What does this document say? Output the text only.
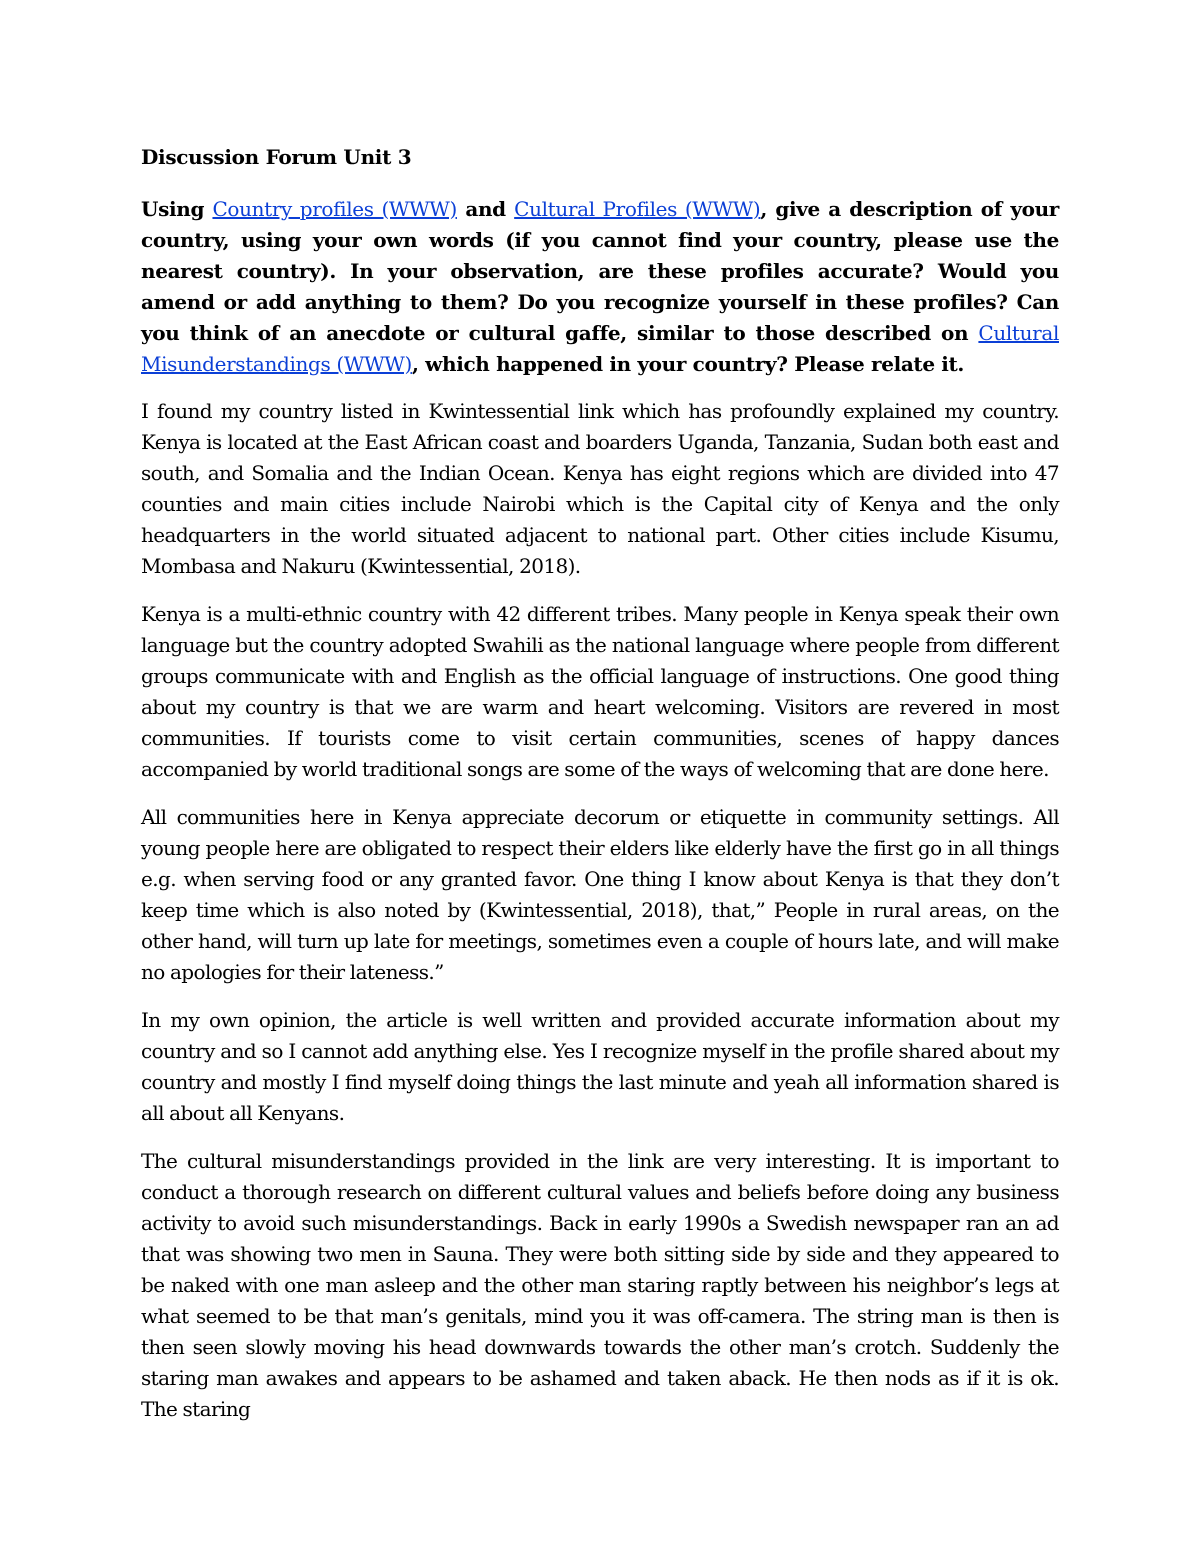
Discussion Forum Unit 3

Using Country profiles (WWW) and Cultural Profiles (WWW), give a description of your country, using your own words (if you cannot find your country, please use the nearest country). In your observation, are these profiles accurate? Would you amend or add anything to them? Do you recognize yourself in these profiles? Can you think of an anecdote or cultural gaffe, similar to those described on Cultural Misunderstandings (WWW), which happened in your country? Please relate it.

I found my country listed in Kwintessential link which has profoundly explained my country. Kenya is located at the East African coast and boarders Uganda, Tanzania, Sudan both east and south, and Somalia and the Indian Ocean. Kenya has eight regions which are divided into 47 counties and main cities include Nairobi which is the Capital city of Kenya and the only headquarters in the world situated adjacent to national part. Other cities include Kisumu, Mombasa and Nakuru (Kwintessential, 2018).

Kenya is a multi-ethnic country with 42 different tribes. Many people in Kenya speak their own language but the country adopted Swahili as the national language where people from different groups communicate with and English as the official language of instructions. One good thing about my country is that we are warm and heart welcoming. Visitors are revered in most communities. If tourists come to visit certain communities, scenes of happy dances accompanied by world traditional songs are some of the ways of welcoming that are done here.

All communities here in Kenya appreciate decorum or etiquette in community settings. All young people here are obligated to respect their elders like elderly have the first go in all things e.g. when serving food or any granted favor. One thing I know about Kenya is that they don’t keep time which is also noted by (Kwintessential, 2018), that,” People in rural areas, on the other hand, will turn up late for meetings, sometimes even a couple of hours late, and will make no apologies for their lateness.”

In my own opinion, the article is well written and provided accurate information about my country and so I cannot add anything else. Yes I recognize myself in the profile shared about my country and mostly I find myself doing things the last minute and yeah all information shared is all about all Kenyans.

The cultural misunderstandings provided in the link are very interesting. It is important to conduct a thorough research on different cultural values and beliefs before doing any business activity to avoid such misunderstandings. Back in early 1990s a Swedish newspaper ran an ad that was showing two men in Sauna. They were both sitting side by side and they appeared to be naked with one man asleep and the other man staring raptly between his neighbor’s legs at what seemed to be that man’s genitals, mind you it was off-camera. The string man is then is then seen slowly moving his head downwards towards the other man’s crotch. Suddenly the staring man awakes and appears to be ashamed and taken aback. He then nods as if it is ok. The staring
